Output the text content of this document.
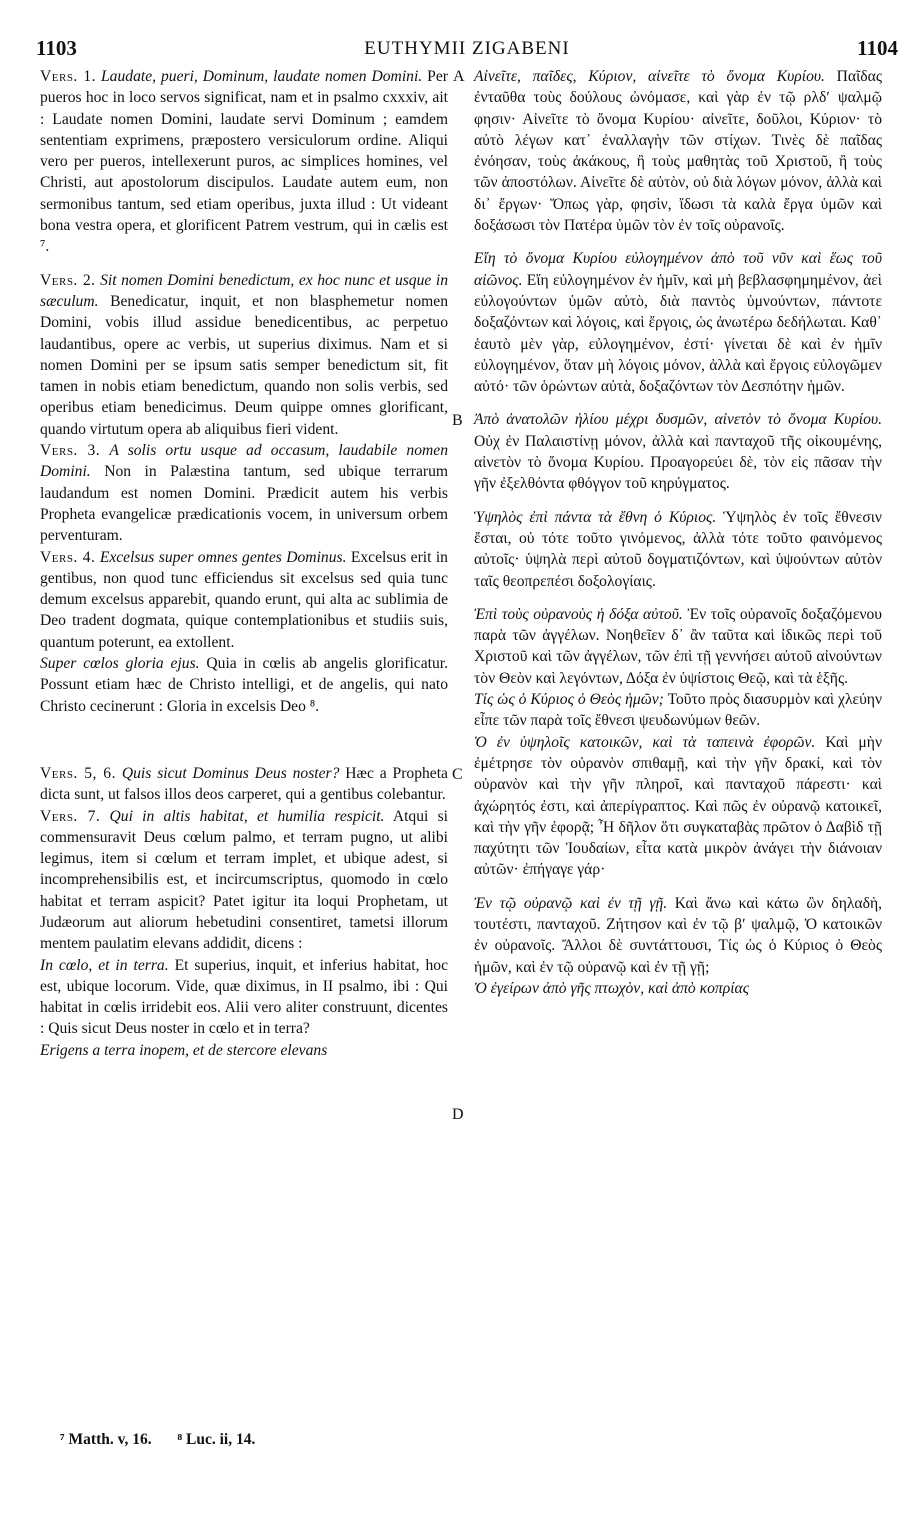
1103	EUTHYMII ZIGABENI	1104
A
B
C
D

Vers. 1. Laudate, pueri, Dominum, laudate nomen Domini. Per pueros hoc in loco servos significat, nam et in psalmo cxxxiv, ait : Laudate nomen Domini, laudate servi Dominum ; eamdem sententiam exprimens, præpostero versiculorum ordine. Aliqui vero per pueros, intellexerunt puros, ac simplices homines, vel Christi, aut apostolorum discipulos. Laudate autem eum, non sermonibus tantum, sed etiam operibus, juxta illud : Ut videant bona vestra opera, et glorificent Patrem vestrum, qui in cælis est ⁷.

Vers. 2. Sit nomen Domini benedictum, ex hoc nunc et usque in sæculum. Benedicatur, inquit, et non blasphemetur nomen Domini, vobis illud assidue benedicentibus, ac perpetuo laudantibus, opere ac verbis, ut superius diximus. Nam et si nomen Domini per se ipsum satis semper benedictum sit, fit tamen in nobis etiam benedictum, quando non solis verbis, sed operibus etiam benedicimus. Deum quippe omnes glorificant, quando virtutum opera ab aliquibus fieri vident.

Vers. 3. A solis ortu usque ad occasum, laudabile nomen Domini. Non in Palæstina tantum, sed ubique terrarum laudandum est nomen Domini. Prædicit autem his verbis Propheta evangelicæ prædicationis vocem, in universum orbem perventuram.

Vers. 4. Excelsus super omnes gentes Dominus. Excelsus erit in gentibus, non quod tunc efficiendus sit excelsus sed quia tunc demum excelsus apparebit, quando erunt, qui alta ac sublimia de Deo tradent dogmata, quique contemplationibus et studiis suis, quantum poterunt, ea extollent.

Super cœlos gloria ejus. Quia in cœlis ab angelis glorificatur. Possunt etiam hæc de Christo intelligi, et de angelis, qui nato Christo cecinerunt : Gloria in excelsis Deo ⁸.

Vers. 5, 6. Quis sicut Dominus Deus noster? Hæc a Propheta dicta sunt, ut falsos illos deos carperet, qui a gentibus colebantur.

Vers. 7. Qui in altis habitat, et humilia respicit. Atqui si commensuravit Deus cœlum palmo, et terram pugno, ut alibi legimus, item si cœlum et terram implet, et ubique adest, si incomprehensibilis est, et incircumscriptus, quomodo in cœlo habitat et terram aspicit? Patet igitur ita loqui Prophetam, ut Judæorum aut aliorum hebetudini consentiret, tametsi illorum mentem paulatim elevans addidit, dicens :

In cœlo, et in terra. Et superius, inquit, et inferius habitat, hoc est, ubique locorum. Vide, quæ diximus, in II psalmo, ibi : Qui habitat in cœlis irridebit eos. Alii vero aliter construunt, dicentes : Quis sicut Deus noster in cœlo et in terra?

Erigens a terra inopem, et de stercore elevans

Αἰνεῖτε, παῖδες, Κύριον, αἰνεῖτε τὸ ὄνομα Κυρίου. Παῖδας ἐνταῦθα τοὺς δούλους ὠνόμασε, καὶ γὰρ ἐν τῷ ρλδʹ ψαλμῷ φησιν· Αἰνεῖτε τὸ ὄνομα Κυρίου· αἰνεῖτε, δοῦλοι, Κύριον· τὸ αὐτὸ λέγων κατ᾽ ἐναλλαγὴν τῶν στίχων. Τινὲς δὲ παῖδας ἐνόησαν, τοὺς ἀκάκους, ἢ τοὺς μαθητὰς τοῦ Χριστοῦ, ἢ τοὺς τῶν ἀποστόλων. Αἰνεῖτε δὲ αὐτὸν, οὐ διὰ λόγων μόνον, ἀλλὰ καὶ δι᾽ ἔργων· Ὅπως γὰρ, φησὶν, ἴδωσι τὰ καλὰ ἔργα ὑμῶν καὶ δοξάσωσι τὸν Πατέρα ὑμῶν τὸν ἐν τοῖς οὐρανοῖς.

Εἴη τὸ ὄνομα Κυρίου εὐλογημένον ἀπὸ τοῦ νῦν καὶ ἕως τοῦ αἰῶνος. Εἴη εὐλογημένον ἐν ἡμῖν, καὶ μὴ βεβλασφημημένον, ἀεὶ εὐλογούντων ὑμῶν αὐτὸ, διὰ παντὸς ὑμνούντων, πάντοτε δοξαζόντων καὶ λόγοις, καὶ ἔργοις, ὡς ἀνωτέρω δεδήλωται. Καθ᾽ ἑαυτὸ μὲν γὰρ, εὐλογημένον, ἐστί· γίνεται δὲ καὶ ἐν ἡμῖν εὐλογημένον, ὅταν μὴ λόγοις μόνον, ἀλλὰ καὶ ἔργοις εὐλογῶμεν αὐτό· τῶν ὁρώντων αὐτὰ, δοξαζόντων τὸν Δεσπότην ἡμῶν.

Ἀπὸ ἀνατολῶν ἡλίου μέχρι δυσμῶν, αἰνετὸν τὸ ὄνομα Κυρίου. Οὐχ ἐν Παλαιστίνῃ μόνον, ἀλλὰ καὶ πανταχοῦ τῆς οἰκουμένης, αἰνετὸν τὸ ὄνομα Κυρίου. Προαγορεύει δὲ, τὸν εἰς πᾶσαν τὴν γῆν ἐξελθόντα φθόγγον τοῦ κηρύγματος.

Ὑψηλὸς ἐπὶ πάντα τὰ ἔθνη ὁ Κύριος. Ὑψηλὸς ἐν τοῖς ἔθνεσιν ἔσται, οὐ τότε τοῦτο γινόμενος, ἀλλὰ τότε τοῦτο φαινόμενος αὐτοῖς· ὑψηλὰ περὶ αὐτοῦ δογματιζόντων, καὶ ὑψούντων αὐτὸν ταῖς θεοπρεπέσι δοξολογίαις.

Ἐπὶ τοὺς οὐρανοὺς ἡ δόξα αὐτοῦ. Ἐν τοῖς οὐρανοῖς δοξαζόμενου παρὰ τῶν ἀγγέλων. Νοηθεῖεν δ᾽ ἂν ταῦτα καὶ ἰδικῶς περὶ τοῦ Χριστοῦ καὶ τῶν ἀγγέλων, τῶν ἐπὶ τῇ γεννήσει αὐτοῦ αἰνούντων τὸν Θεὸν καὶ λεγόντων, Δόξα ἐν ὑψίστοις Θεῷ, καὶ τὰ ἑξῆς.

Τίς ὡς ὁ Κύριος ὁ Θεὸς ἡμῶν; Τοῦτο πρὸς διασυρμὸν καὶ χλεύην εἶπε τῶν παρὰ τοῖς ἔθνεσι ψευδωνύμων θεῶν.

Ὁ ἐν ὑψηλοῖς κατοικῶν, καὶ τὰ ταπεινὰ ἐφορῶν. Καὶ μὴν ἐμέτρησε τὸν οὐρανὸν σπιθαμῇ, καὶ τὴν γῆν δρακί, καὶ τὸν οὐρανὸν καὶ τὴν γῆν πληροῖ, καὶ πανταχοῦ πάρεστι· καὶ ἀχώρητός ἐστι, καὶ ἀπερίγραπτος. Καὶ πῶς ἐν οὐρανῷ κατοικεῖ, καὶ τὴν γῆν ἐφορᾷ; Ἦ δῆλον ὅτι συγκαταβὰς πρῶτον ὁ Δαβὶδ τῇ παχύτητι τῶν Ἰουδαίων, εἶτα κατὰ μικρὸν ἀνάγει τὴν διάνοιαν αὐτῶν· ἐπήγαγε γάρ·

Ἐν τῷ οὐρανῷ καὶ ἐν τῇ γῇ. Καὶ ἄνω καὶ κάτω ὢν δηλαδὴ, τουτέστι, πανταχοῦ. Ζήτησον καὶ ἐν τῷ βʹ ψαλμῷ, Ὁ κατοικῶν ἐν οὐρανοῖς. Ἄλλοι δὲ συντάττουσι, Τίς ὡς ὁ Κύριος ὁ Θεὸς ἡμῶν, καὶ ἐν τῷ οὐρανῷ καὶ ἐν τῇ γῇ;

Ὁ ἐγείρων ἀπὸ γῆς πτωχὸν, καὶ ἀπὸ κοπρίας

⁷ Matth. v, 16. ⁸ Luc. ii, 14.
